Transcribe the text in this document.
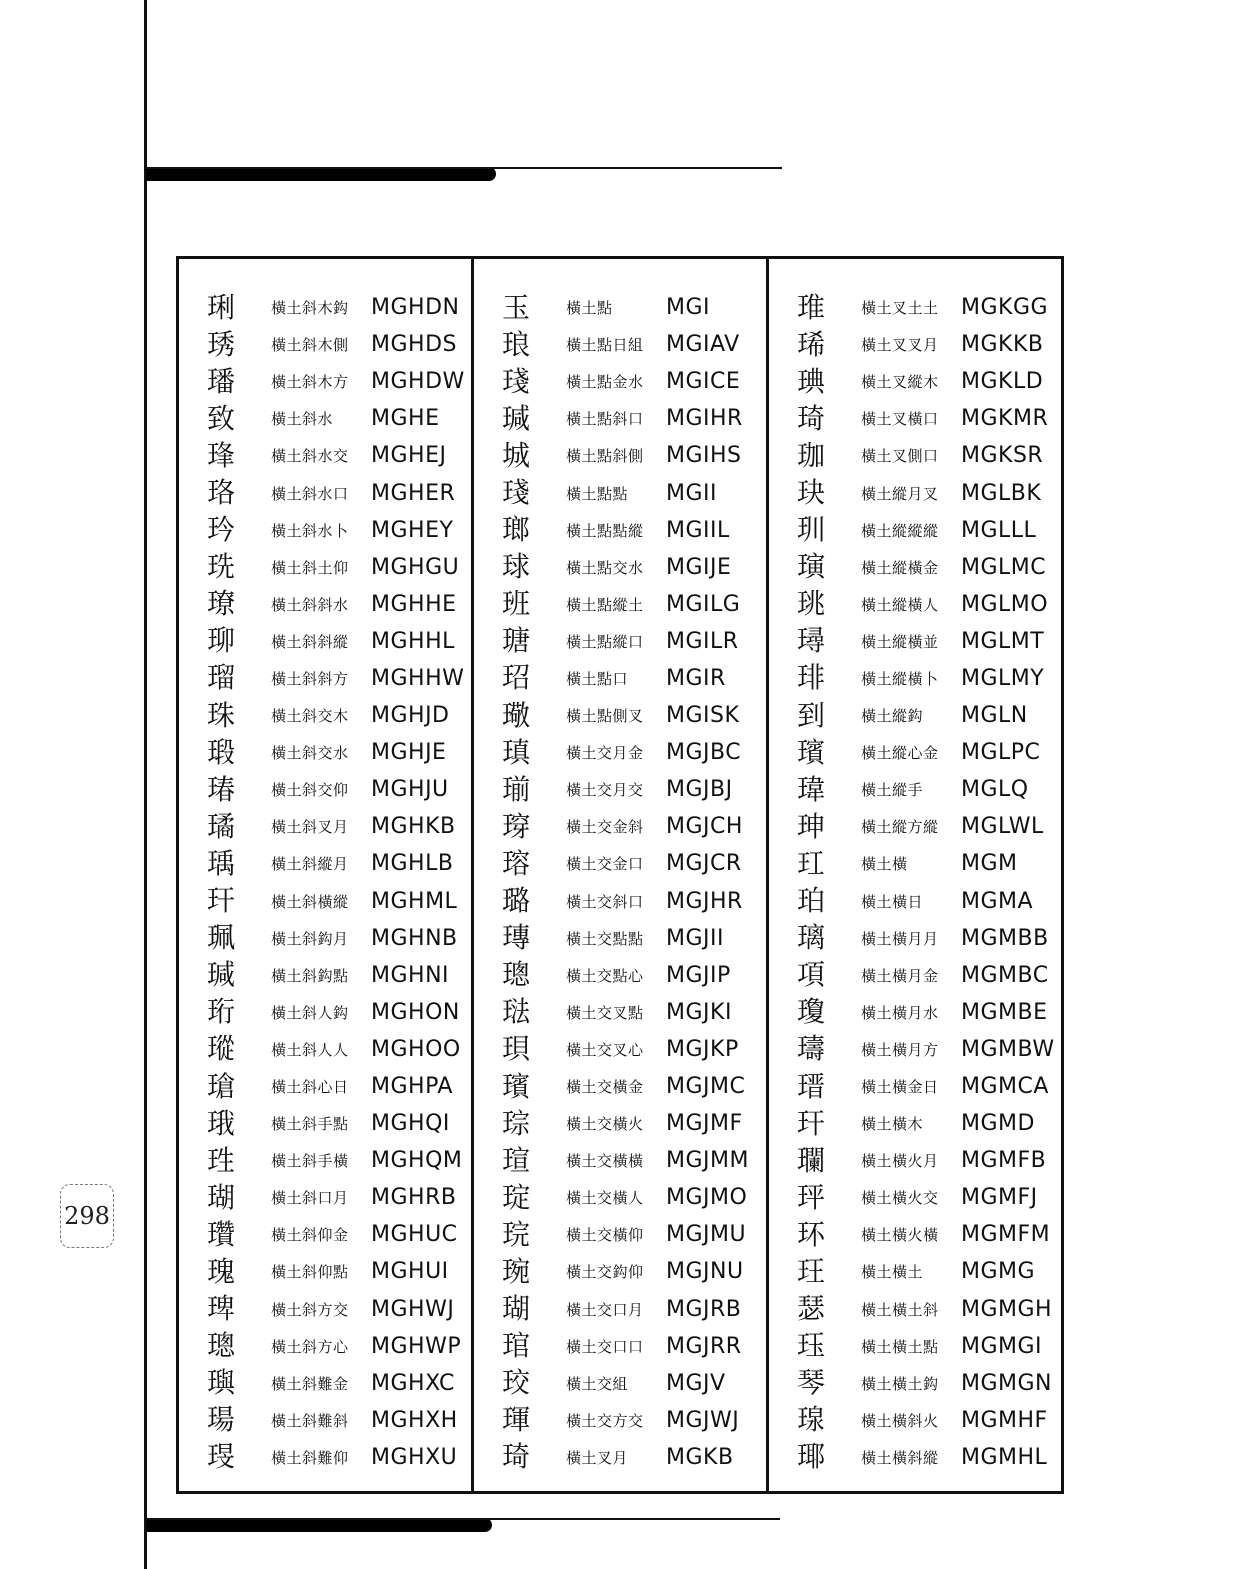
298
琍	橫土斜木鈎	MGHDN
琇	橫土斜木側	MGHDS
璠	橫土斜木方	MGHDW
致	橫土斜水	MGHE
琒	橫土斜水交	MGHEJ
珞	橫土斜水口	MGHER
玪	橫土斜水卜	MGHEY
珗	橫土斜土仰	MGHGU
璙	橫土斜斜水	MGHHE
珋	橫土斜斜縱	MGHHL
瑠	橫土斜斜方	MGHHW
珠	橫土斜交木	MGHJD
瑖	橫土斜交水	MGHJE
瑃	橫土斜交仰	MGHJU
璚	橫土斜叉月	MGHKB
瑀	橫土斜縱月	MGHLB
玕	橫土斜橫縱	MGHML
珮	橫土斜鈎月	MGHNB
瑊	橫土斜鈎點	MGHNI
珩	橫土斜人鈎	MGHON
瑽	橫土斜人人	MGHOO
瑲	橫土斜心日	MGHPA
珴	橫土斜手點	MGHQI
珄	橫土斜手橫	MGHQM
瑚	橫土斜口月	MGHRB
瓚	橫土斜仰金	MGHUC
瑰	橫土斜仰點	MGHUI
琕	橫土斜方交	MGHWJ
璁	橫土斜方心	MGHWP
璵	橫土斜難金	MGHXC
瑒	橫土斜難斜	MGHXH
琝	橫土斜難仰	MGHXU
玉	橫土點	MGI
琅	橫土點日組	MGIAV
琖	橫土點金水	MGICE
瑊	橫土點斜口	MGIHR
城	橫土點斜側	MGIHS
琖	橫土點點	MGII
瑯	橫土點點縱	MGIIL
球	橫土點交水	MGIJE
班	橫土點縱土	MGILG
瑭	橫土點縱口	MGILR
玿	橫土點口	MGIR
璥	橫土點側叉	MGISK
瑱	橫土交月金	MGJBC
瑐	橫土交月交	MGJBJ
瑏	橫土交金斜	MGJCH
瑢	橫土交金口	MGJCR
璐	橫土交斜口	MGJHR
瑼	橫土交點點	MGJII
璁	橫土交點心	MGJIP
琺	橫土交叉點	MGJKI
珼	橫土交叉心	MGJKP
璸	橫土交橫金	MGJMC
琮	橫土交橫火	MGJMF
瑄	橫土交橫橫	MGJMM
琔	橫土交橫人	MGJMO
琓	橫土交橫仰	MGJMU
琬	橫土交鈎仰	MGJNU
瑚	橫土交口月	MGJRB
琯	橫土交口口	MGJRR
珓	橫土交組	MGJV
琿	橫土交方交	MGJWJ
琦	橫土叉月	MGKB
琟	橫土叉土土	MGKGG
琋	橫土叉叉月	MGKKB
琠	橫土叉縱木	MGKLD
琦	橫土叉橫口	MGKMR
珈	橫土叉側口	MGKSR
玦	橫土縱月叉	MGLBK
玔	橫土縱縱縱	MGLLL
璌	橫土縱橫金	MGLMC
珧	橫土縱橫人	MGLMO
璕	橫土縱橫並	MGLMT
琲	橫土縱橫卜	MGLMY
到	橫土縱鈎	MGLN
璸	橫土縱心金	MGLPC
瑋	橫土縱手	MGLQ
珅	橫土縱方縱	MGLWL
玒	橫土橫	MGM
珀	橫土橫日	MGMA
璃	橫土橫月月	MGMBB
項	橫土橫月金	MGMBC
瓊	橫土橫月水	MGMBE
璹	橫土橫月方	MGMBW
瑨	橫土橫金日	MGMCA
玕	橫土橫木	MGMD
瓓	橫土橫火月	MGMFB
玶	橫土橫火交	MGMFJ
环	橫土橫火橫	MGMFM
玨	橫土橫土	MGMG
瑟	橫土橫土斜	MGMGH
珏	橫土橫土點	MGMGI
琴	橫土橫土鈎	MGMGN
瑔	橫土橫斜火	MGMHF
瑘	橫土橫斜縱	MGMHL
